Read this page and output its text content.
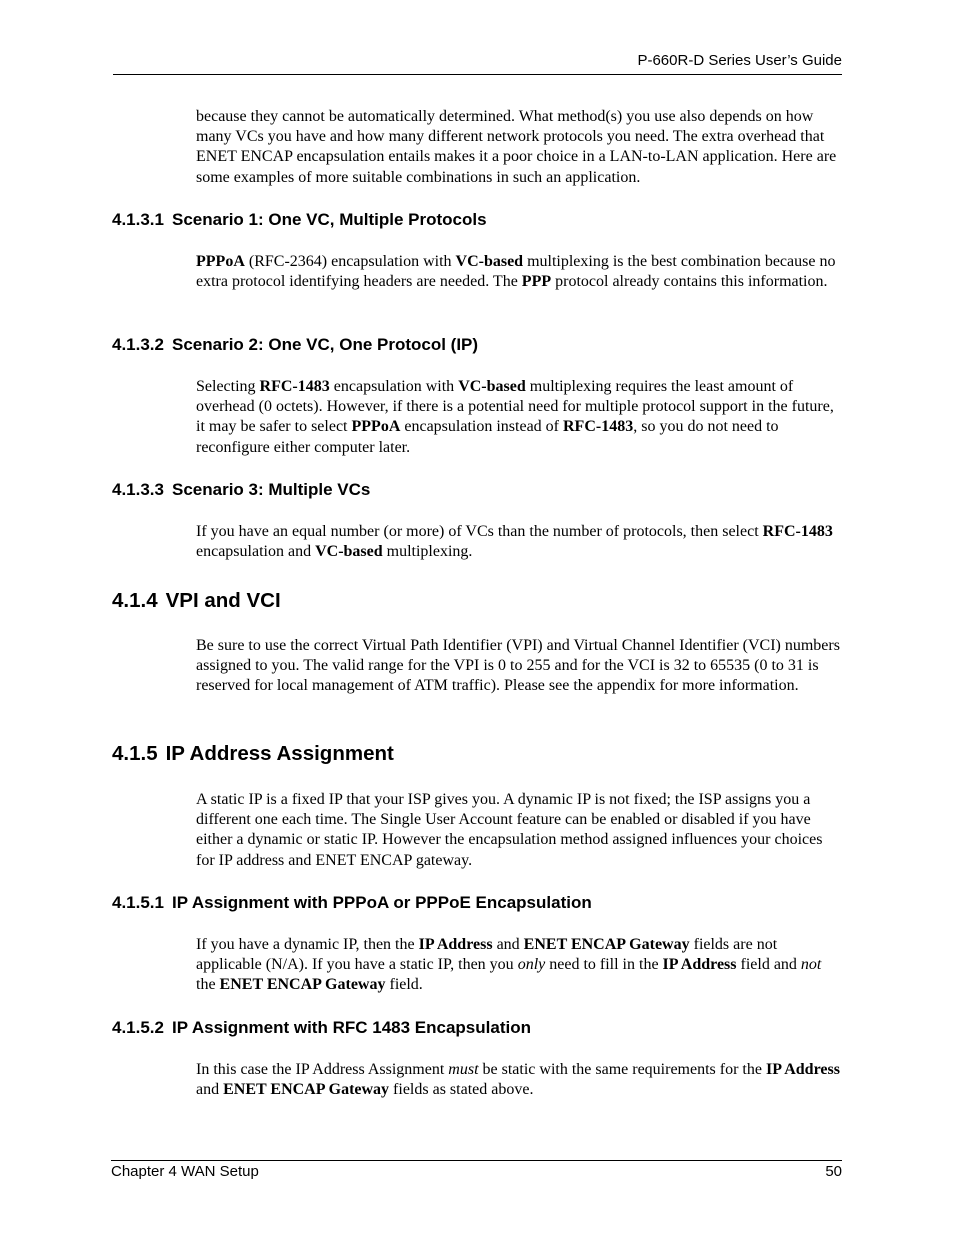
P-660R-D Series User’s Guide

because they cannot be automatically determined. What method(s) you use also depends on how many VCs you have and how many different network protocols you need. The extra overhead that ENET ENCAP encapsulation entails makes it a poor choice in a LAN-to-LAN application. Here are some examples of more suitable combinations in such an application.

4.1.3.1 Scenario 1: One VC, Multiple Protocols

PPPoA (RFC-2364) encapsulation with VC-based multiplexing is the best combination because no extra protocol identifying headers are needed. The PPP protocol already contains this information.

4.1.3.2 Scenario 2: One VC, One Protocol (IP)

Selecting RFC-1483 encapsulation with VC-based multiplexing requires the least amount of overhead (0 octets). However, if there is a potential need for multiple protocol support in the future, it may be safer to select PPPoA encapsulation instead of RFC-1483, so you do not need to reconfigure either computer later.

4.1.3.3 Scenario 3: Multiple VCs

If you have an equal number (or more) of VCs than the number of protocols, then select RFC-1483 encapsulation and VC-based multiplexing.

4.1.4 VPI and VCI

Be sure to use the correct Virtual Path Identifier (VPI) and Virtual Channel Identifier (VCI) numbers assigned to you. The valid range for the VPI is 0 to 255 and for the VCI is 32 to 65535 (0 to 31 is reserved for local management of ATM traffic). Please see the appendix for more information.

4.1.5 IP Address Assignment

A static IP is a fixed IP that your ISP gives you. A dynamic IP is not fixed; the ISP assigns you a different one each time. The Single User Account feature can be enabled or disabled if you have either a dynamic or static IP. However the encapsulation method assigned influences your choices for IP address and ENET ENCAP gateway.

4.1.5.1 IP Assignment with PPPoA or PPPoE Encapsulation

If you have a dynamic IP, then the IP Address and ENET ENCAP Gateway fields are not applicable (N/A). If you have a static IP, then you only need to fill in the IP Address field and not the ENET ENCAP Gateway field.

4.1.5.2 IP Assignment with RFC 1483 Encapsulation

In this case the IP Address Assignment must be static with the same requirements for the IP Address and ENET ENCAP Gateway fields as stated above.

Chapter 4 WAN Setup	50
